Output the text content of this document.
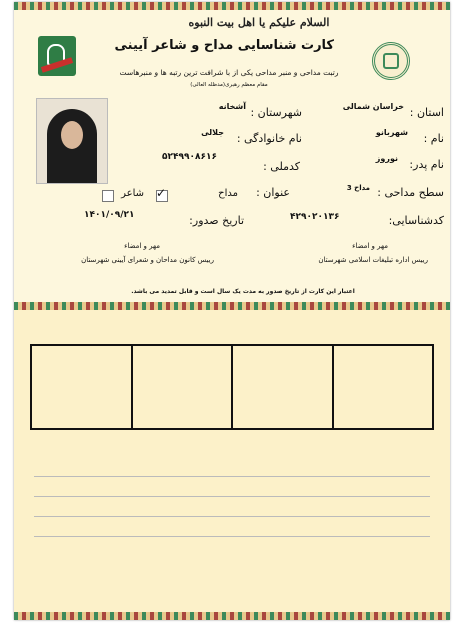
السلام علیکم یا اهل بیت النبوه
کارت شناسایی مداح و شاعر آیینی
رتبت مداحی و منبر مداحی یکی از با شرافت ترین رتبه ها و منبرهاست
مقام معظم رهبری(مدظله العالی)
استان :
خراسان شمالی
شهرستان :
آشخانه
نام :
شهربانو
نام خانوادگی :
جلالی
نام پدر:
نوروز
کدملی :
۵۲۴۹۹۰۸۶۱۶
سطح مداحی :
مداح 3
عنوان :
مداح
✓
شاعر
کدشناسایی:
۴۲۹۰۲۰۱۳۶
تاریخ صدور:
۱۴۰۱/۰۹/۲۱
مهر و امضاء
رییس اداره تبلیغات اسلامی شهرستان
مهر و امضاء
رییس کانون مداحان و شعرای آیینی شهرستان
اعتبار این کارت از تاریخ صدور به مدت یک سال است و قابل تمدید می باشد.
